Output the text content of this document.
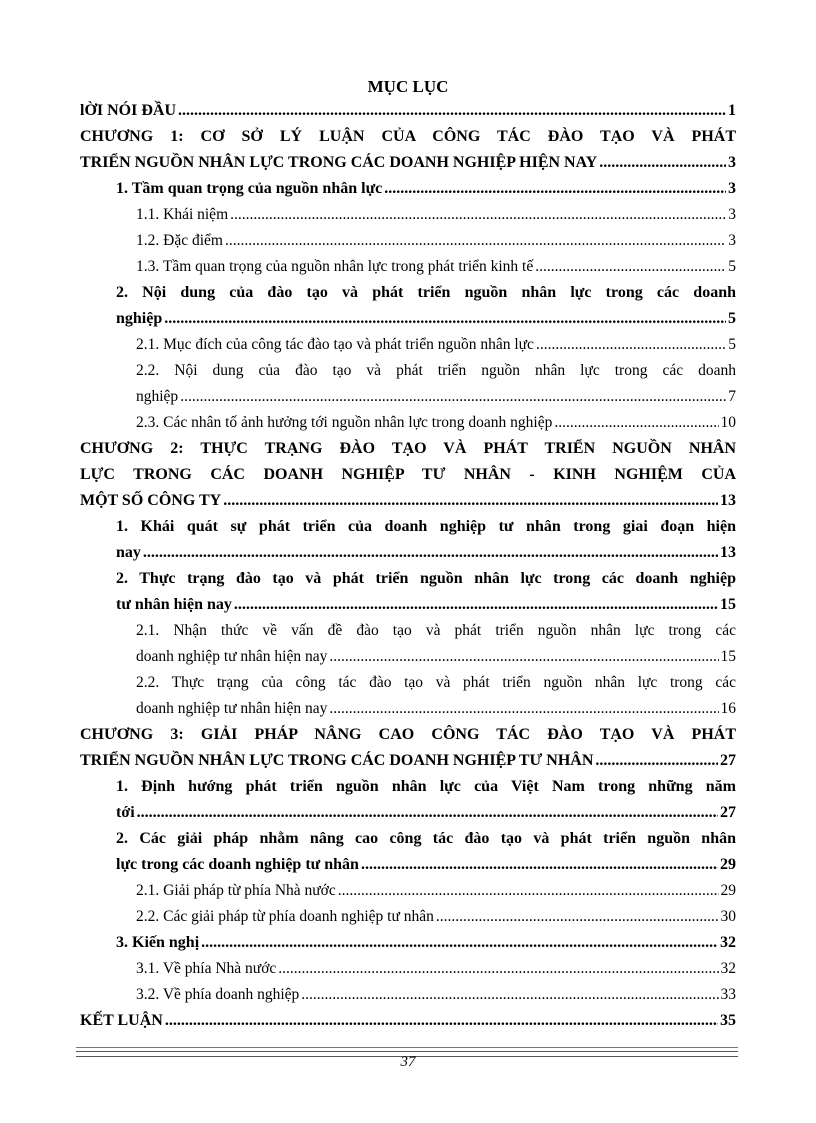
MỤC LỤC
lỜI NÓI ĐẦU .....	1
CHƯƠNG 1: CƠ SỞ LÝ LUẬN CỦA CÔNG TÁC ĐÀO TẠO VÀ PHÁT
TRIỂN NGUỒN NHÂN LỰC TRONG CÁC DOANH NGHIỆP HIỆN NAY .....	3
1. Tầm quan trọng của nguồn nhân lực .....	3
1.1. Khái niệm .....	3
1.2. Đặc điểm .....	3
1.3. Tầm quan trọng của nguồn nhân lực trong phát triển kinh tế .....	5
2. Nội dung của đào tạo và phát triển nguồn nhân lực trong các doanh
nghiệp .....	5
2.1. Mục đích của công tác đào tạo và phát triển nguồn nhân lực .....	5
2.2. Nội dung của đào tạo và phát triển nguồn nhân lực trong các doanh
nghiệp .....	7
2.3. Các nhân tố ảnh hưởng tới nguồn nhân lực trong doanh nghiệp .....	10
CHƯƠNG 2: THỰC TRẠNG ĐÀO TẠO VÀ PHÁT TRIỂN NGUỒN NHÂN
LỰC TRONG CÁC DOANH NGHIỆP TƯ NHÂN - KINH NGHIỆM CỦA
MỘT SỐ CÔNG TY .....	13
1. Khái quát sự phát triển của doanh nghiệp tư nhân trong giai đoạn hiện
nay .....	13
2. Thực trạng đào tạo và phát triển nguồn nhân lực trong các doanh nghiệp
tư nhân hiện nay .....	15
2.1. Nhận thức về vấn đề đào tạo và phát triển nguồn nhân lực trong các
doanh nghiệp tư nhân hiện nay .....	15
2.2. Thực trạng của công tác đào tạo và phát triển nguồn nhân lực trong các
doanh nghiệp tư nhân hiện nay .....	16
CHƯƠNG 3: GIẢI PHÁP NÂNG CAO CÔNG TÁC ĐÀO TẠO VÀ PHÁT
TRIỂN NGUỒN NHÂN LỰC TRONG CÁC DOANH NGHIỆP TƯ NHÂN .....	27
1. Định hướng phát triển nguồn nhân lực của Việt Nam trong những năm
tới .....	27
2. Các giải pháp nhằm nâng cao công tác đào tạo và phát triển nguồn nhân
lực trong các doanh nghiệp tư nhân .....	29
2.1. Giải pháp từ phía Nhà nước .....	29
2.2. Các giải pháp từ phía doanh nghiệp tư nhân .....	30
3. Kiến nghị .....	32
3.1. Về phía Nhà nước .....	32
3.2. Về phía doanh nghiệp .....	33
KẾT LUẬN .....	35
37
